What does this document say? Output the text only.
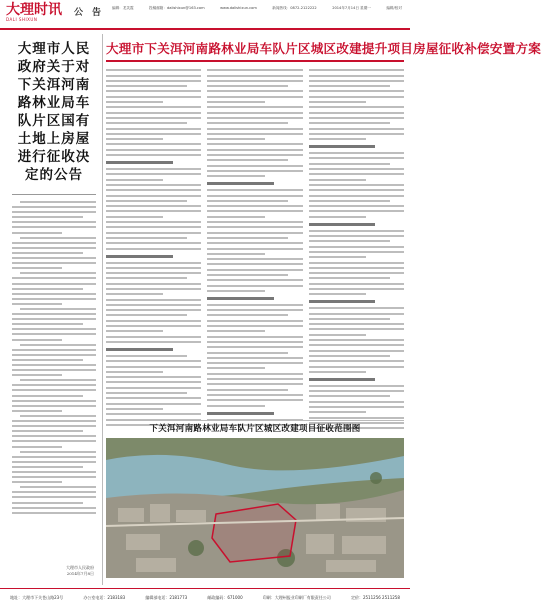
大理时讯
DALI SHIXUN
公　告	编辑：龙芙霞	投稿邮箱：dalishixun@163.com	www.dalishixun.com	新闻热线：0872-2122222	2014年7月14日 星期一	编辑/校对
大理市人民政府关于对下关洱河南路林业局车队片区国有土地上房屋进行征收决定的公告
大理市人民政府
2014年7月8日
大理市下关洱河南路林业局车队片区城区改建提升项目房屋征收补偿安置方案
下关洱河南路林业局车队片区城区改建项目征收范围图
地址：大理市下关苍山路23号	办公室电话：2183183	编辑部电话：2181773	邮政编码：671000	印刷：大理州报业印刷厂有限责任公司	定价：2511256 2511258
